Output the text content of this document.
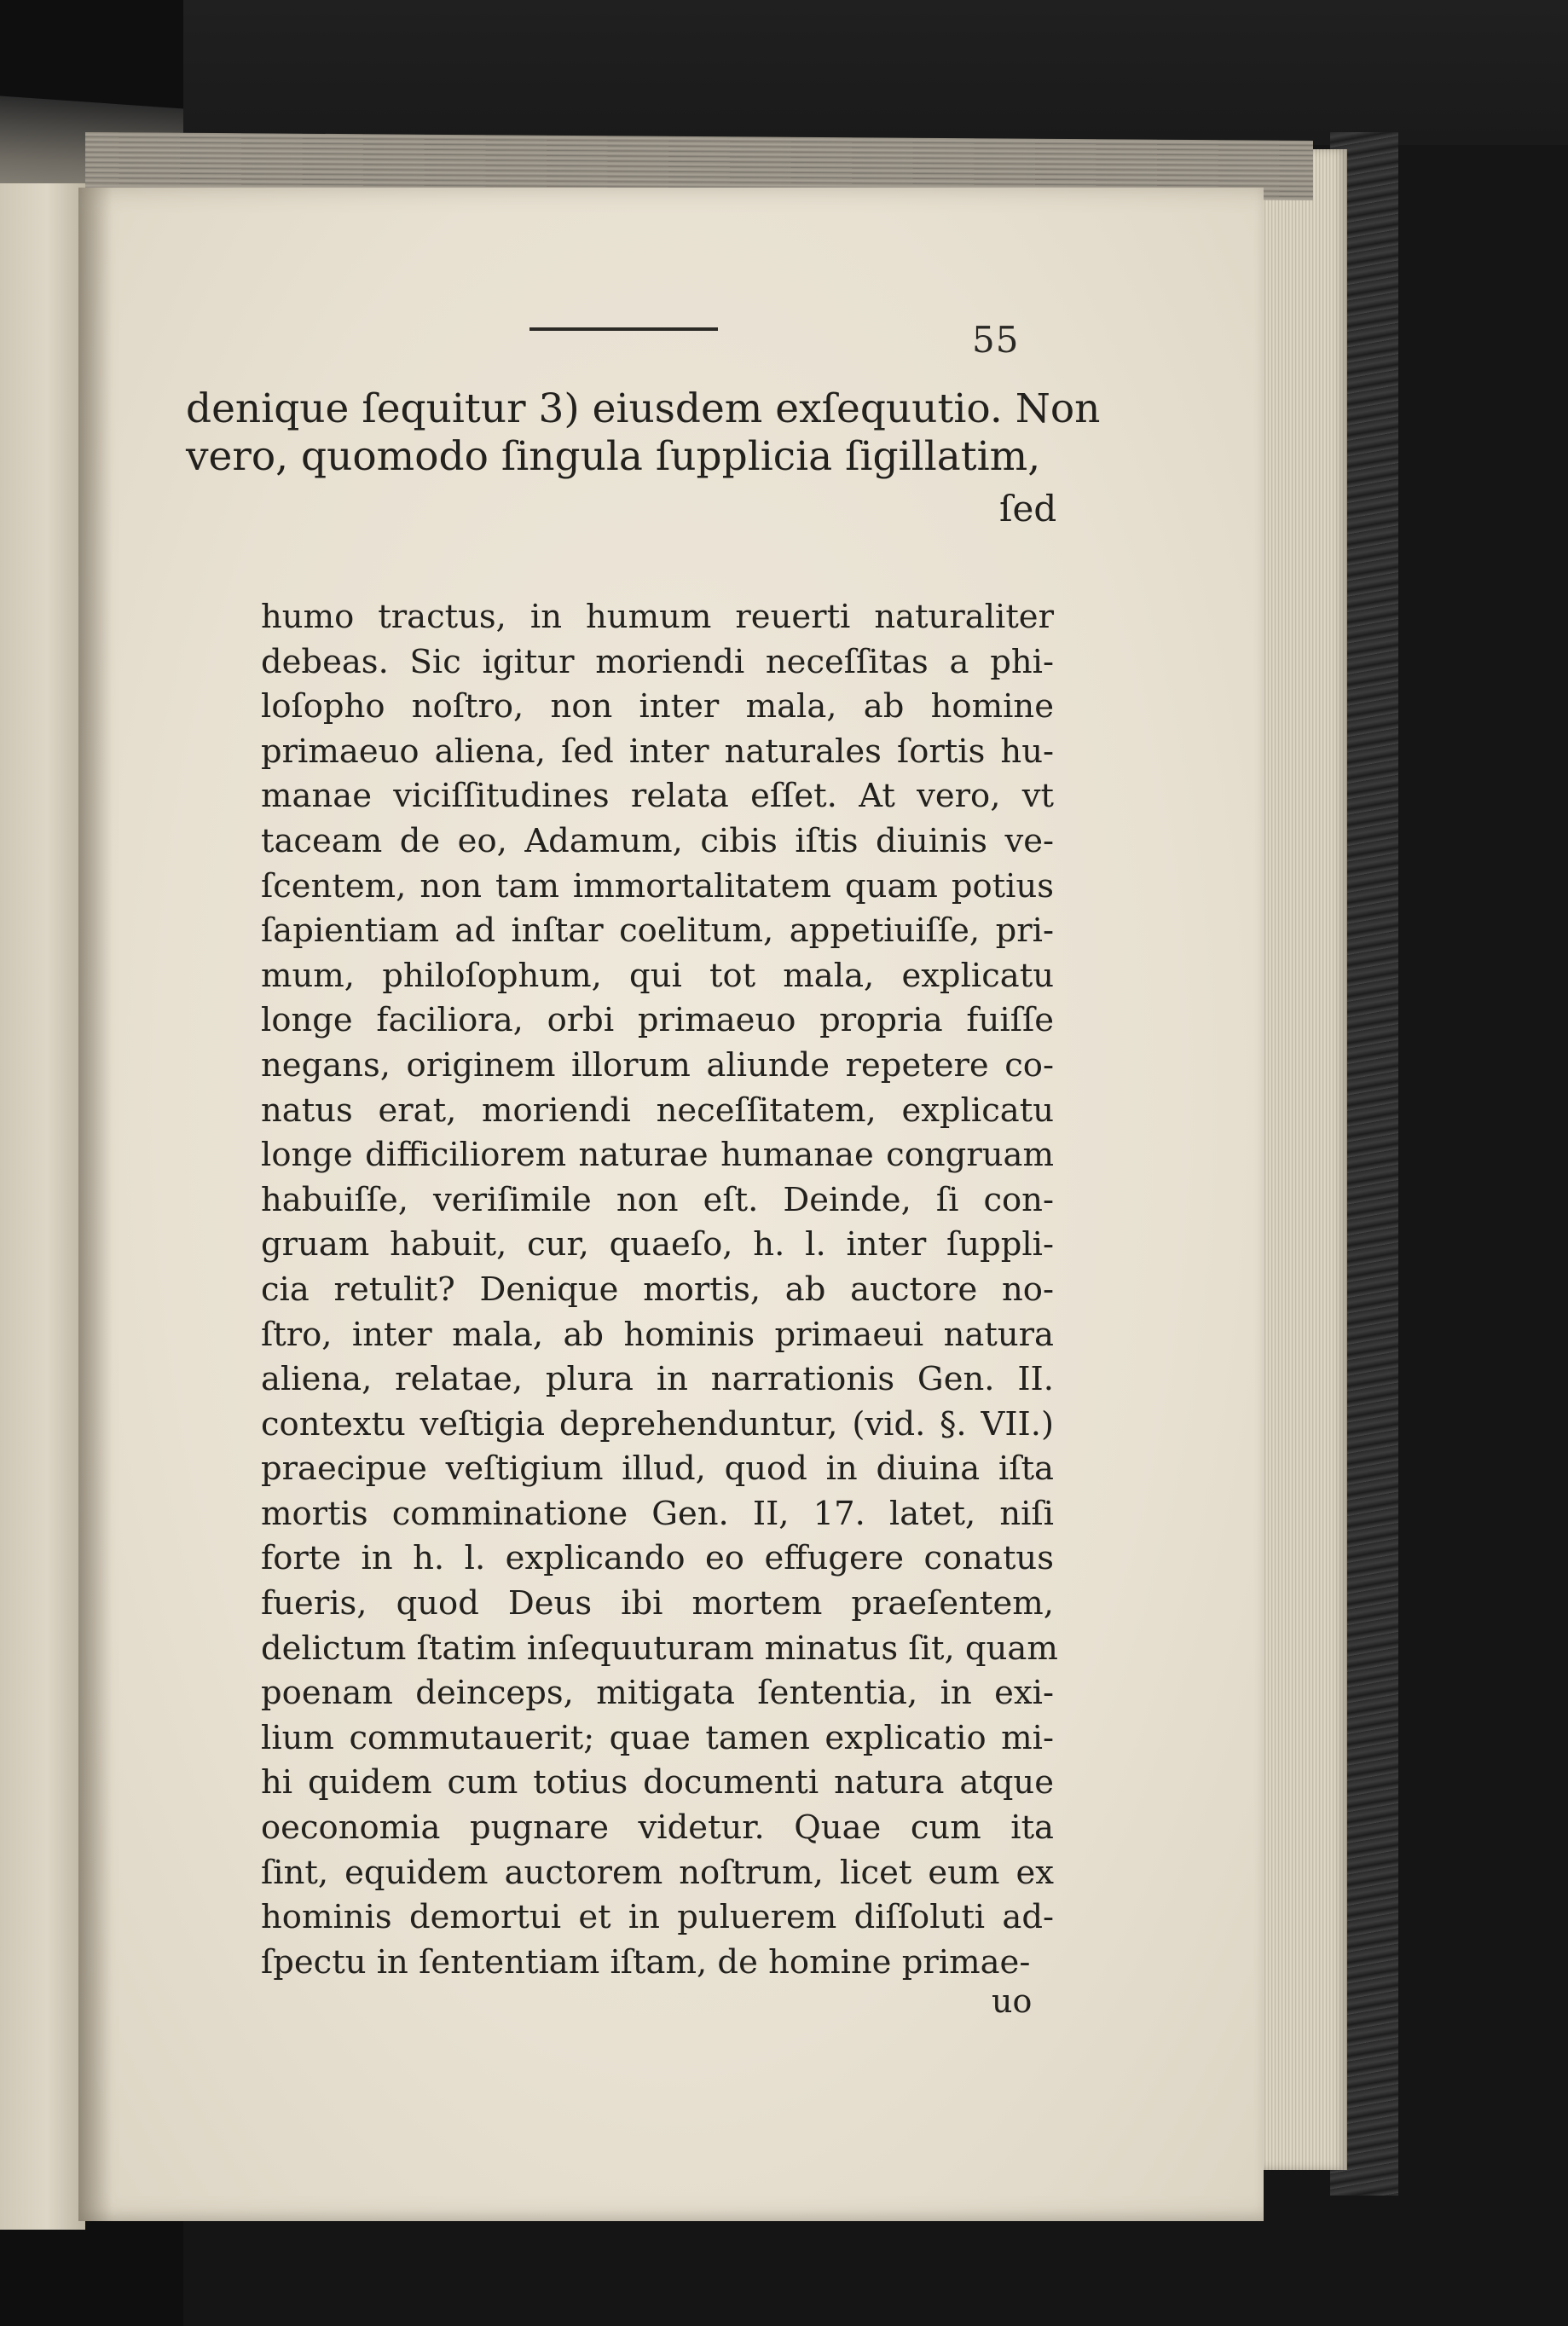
55
denique ſequitur 3) eiusdem exſequutio. Non
vero, quomodo ſingula ſupplicia ſigillatim,
ſed
humo tractus, in humum reuerti naturaliter
debeas. Sic igitur moriendi neceſſitas a phi-
loſopho noſtro, non inter mala, ab homine
primaeuo aliena, ſed inter naturales ſortis hu-
manae viciſſitudines relata eſſet. At vero, vt
taceam de eo, Adamum, cibis iſtis diuinis ve-
ſcentem, non tam immortalitatem quam potius
ſapientiam ad inſtar coelitum, appetiuiſſe, pri-
mum, philoſophum, qui tot mala, explicatu
longe faciliora, orbi primaeuo propria fuiſſe
negans, originem illorum aliunde repetere co-
natus erat, moriendi neceſſitatem, explicatu
longe difficiliorem naturae humanae congruam
habuiſſe, veriſimile non eſt. Deinde, ſi con-
gruam habuit, cur, quaeſo, h. l. inter ſuppli-
cia retulit? Denique mortis, ab auctore no-
ſtro, inter mala, ab hominis primaeui natura
aliena, relatae, plura in narrationis Gen. II.
contextu veſtigia deprehenduntur, (vid. §. VII.)
praecipue veſtigium illud, quod in diuina iſta
mortis comminatione Gen. II, 17. latet, niſi
forte in h. l. explicando eo effugere conatus
fueris, quod Deus ibi mortem praeſentem,
delictum ſtatim inſequuturam minatus ſit, quam
poenam deinceps, mitigata ſententia, in exi-
lium commutauerit; quae tamen explicatio mi-
hi quidem cum totius documenti natura atque
oeconomia pugnare videtur. Quae cum ita
ſint, equidem auctorem noſtrum, licet eum ex
hominis demortui et in puluerem diſſoluti ad-
ſpectu in ſententiam iſtam, de homine primae-
uo
